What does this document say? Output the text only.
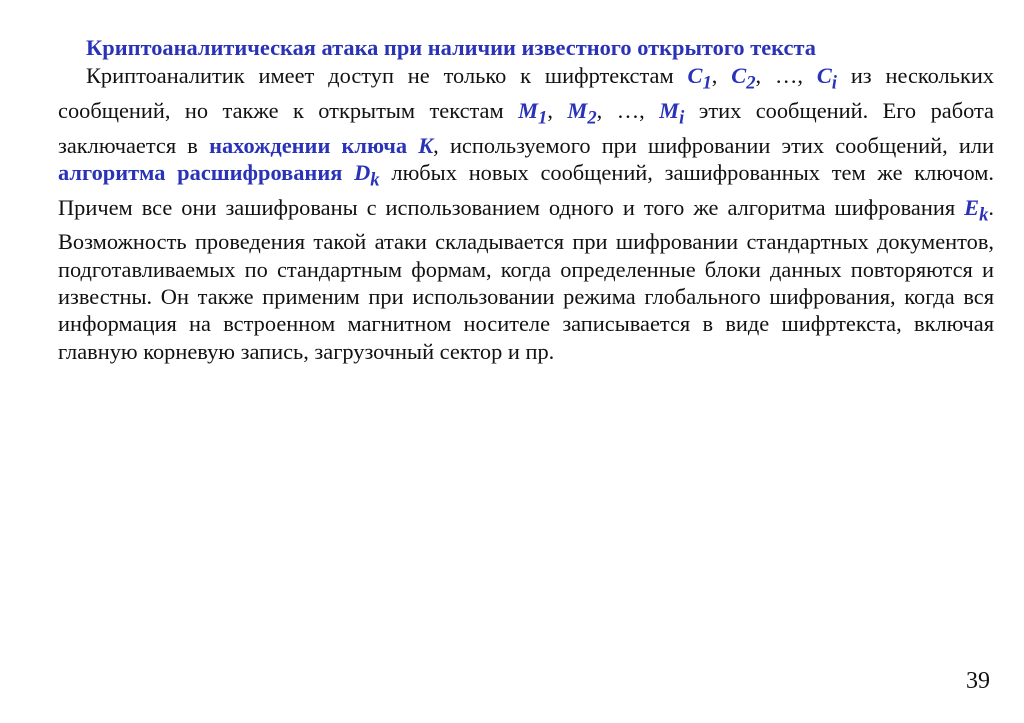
Криптоаналитическая атака при наличии известного открытого текста

Криптоаналитик имеет доступ не только к шифртекстам $C_1$, $C_2$, …, $C_i$ из нескольких сообщений, но также к открытым текстам $M_1$, $M_2$, …, $M_i$ этих сообщений. Его работа заключается в нахождении ключа K, используемого при шифровании этих сообщений, или алгоритма расшифрования $D_k$ любых новых сообщений, зашифрованных тем же ключом. Причем все они зашифрованы с использованием одного и того же алгоритма шифрования $E_k$. Возможность проведения такой атаки складывается при шифровании стандартных документов, подготавливаемых по стандартным формам, когда определенные блоки данных повторяются и известны. Он также применим при использовании режима глобального шифрования, когда вся информация на встроенном магнитном носителе записывается в виде шифртекста, включая главную корневую запись, загрузочный сектор и пр.

39
